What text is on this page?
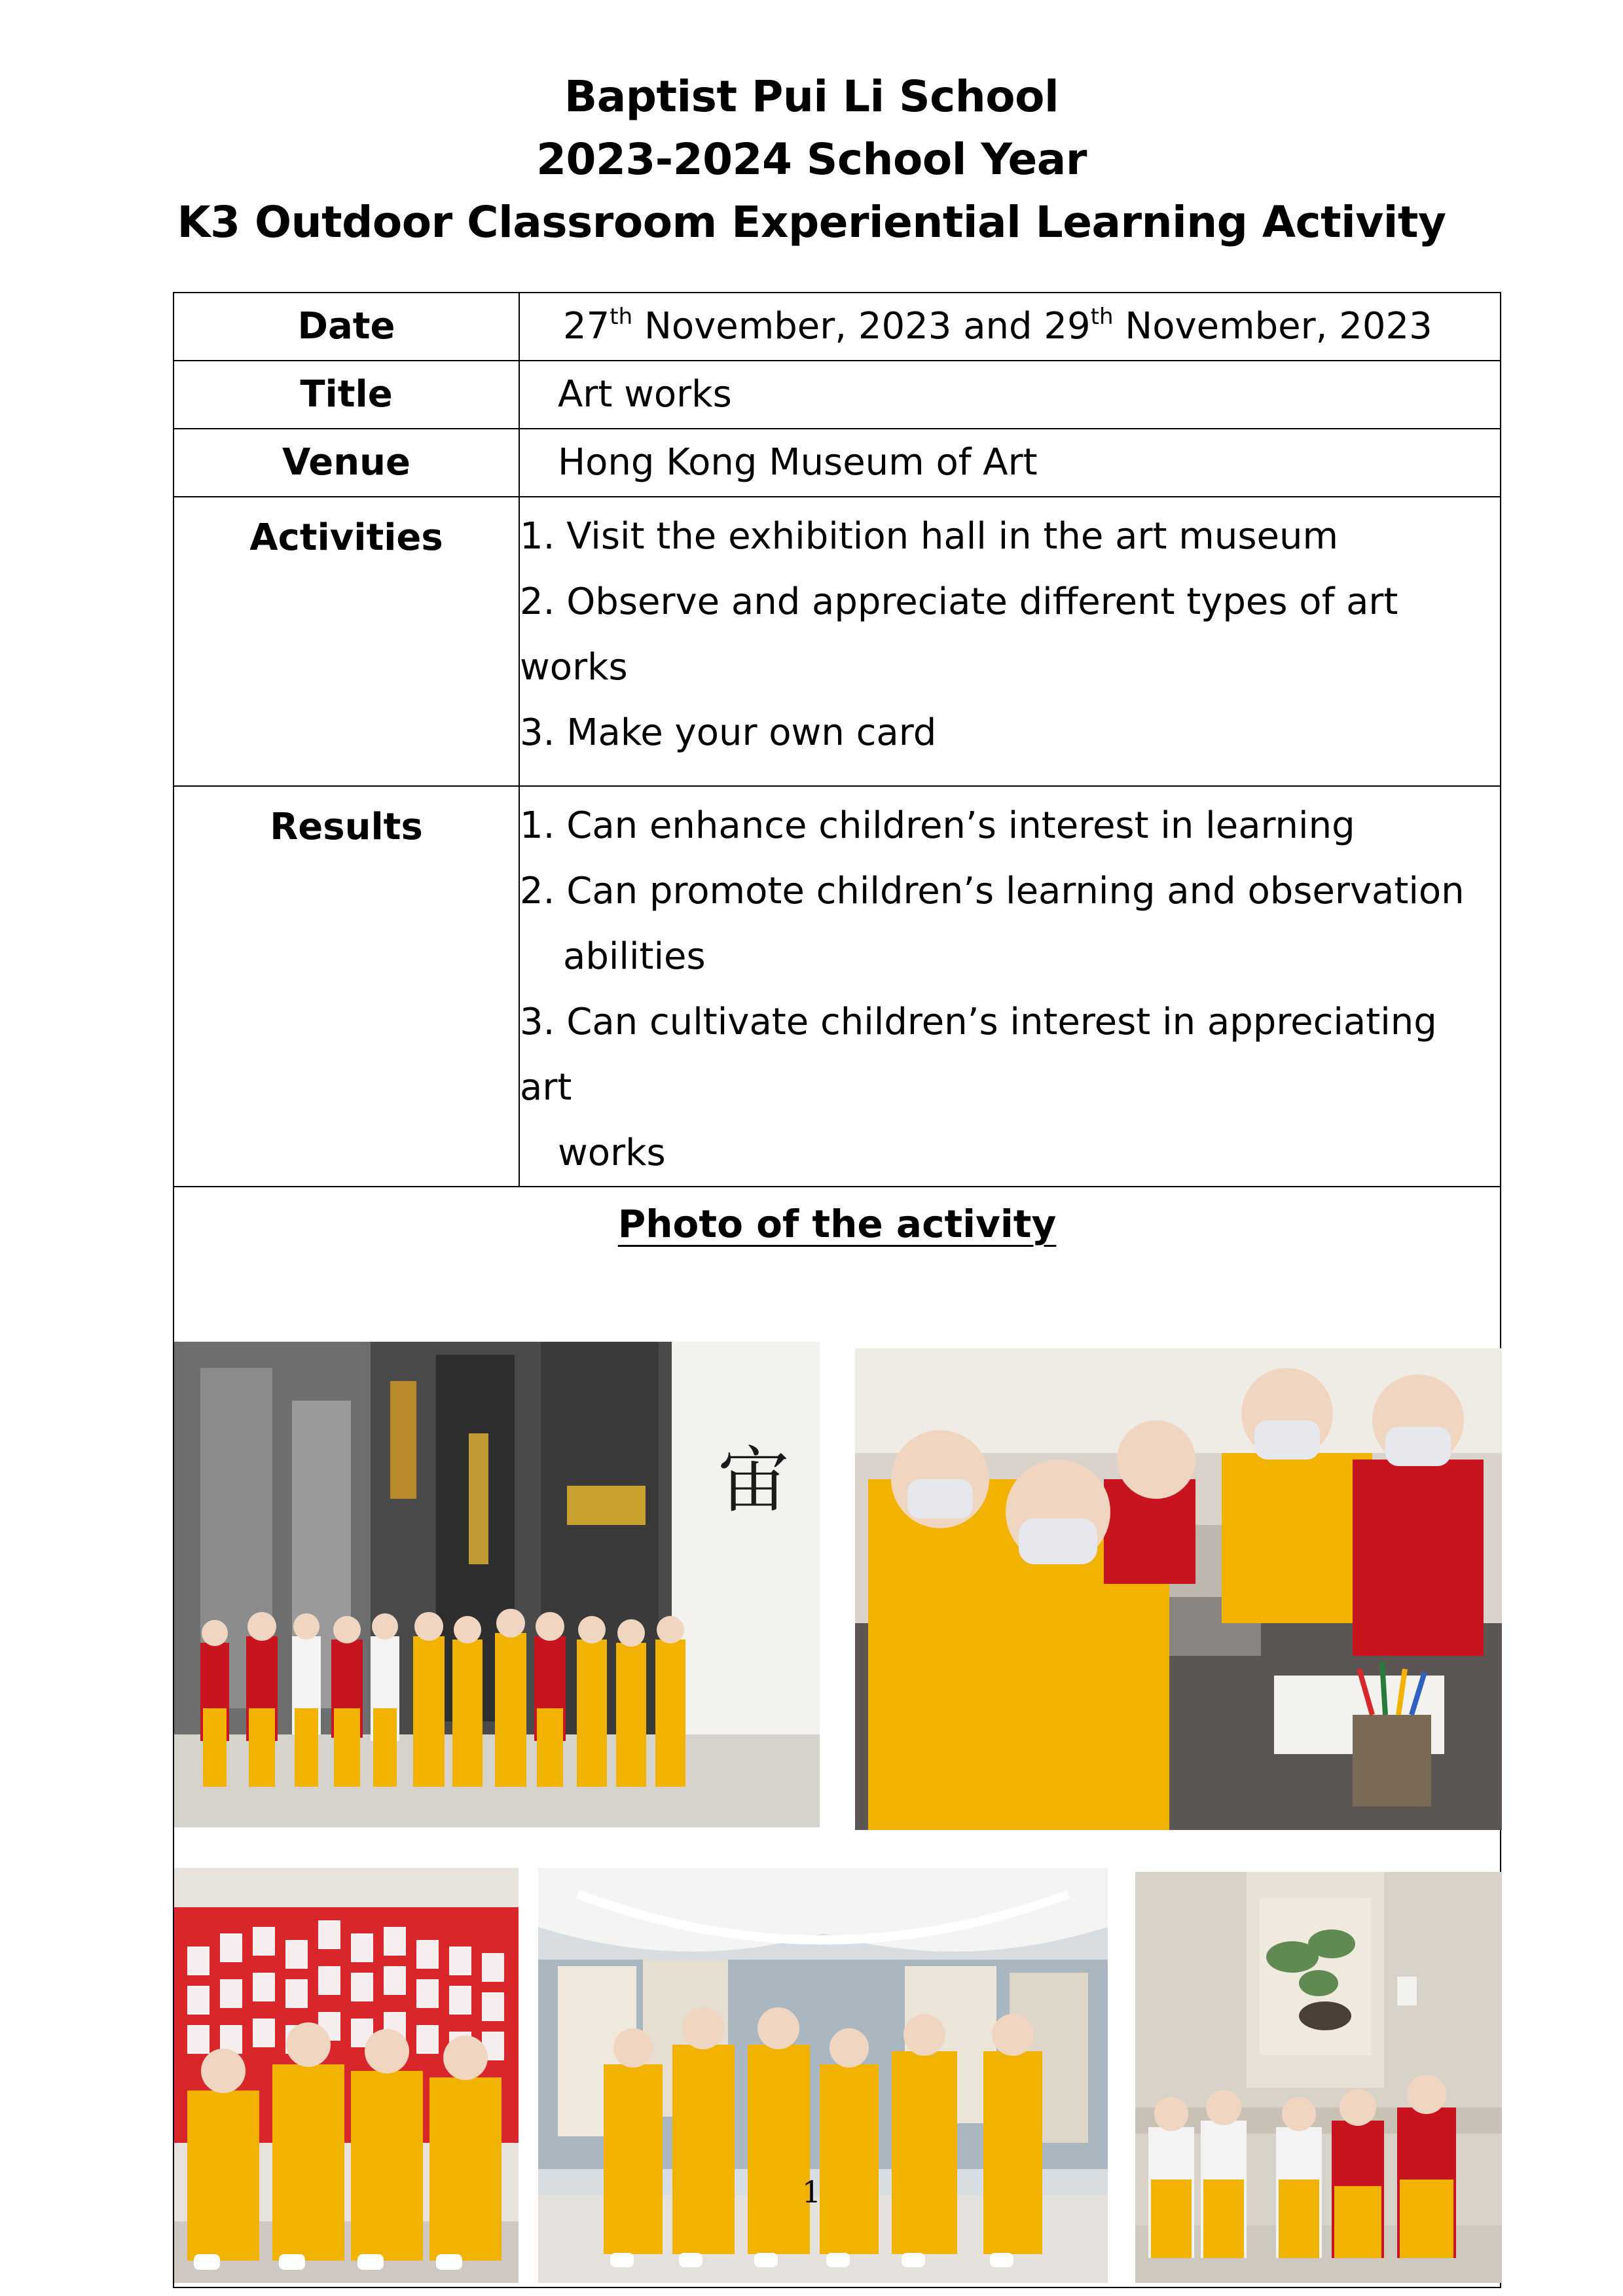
Baptist Pui Li School
2023-2024 School Year
K3 Outdoor Classroom Experiential Learning Activity
Date	27th November, 2023 and 29th November, 2023
Title	Art works
Venue	Hong Kong Museum of Art

Activities	1. Visit the exhibition hall in the art museum
2. Observe and appreciate different types of art works
3. Make your own card

Results	1. Can enhance children’s interest in learning
2. Can promote children’s learning and observation
abilities
3. Can cultivate children’s interest in appreciating art
works

Photo of the activity
宙	
1
